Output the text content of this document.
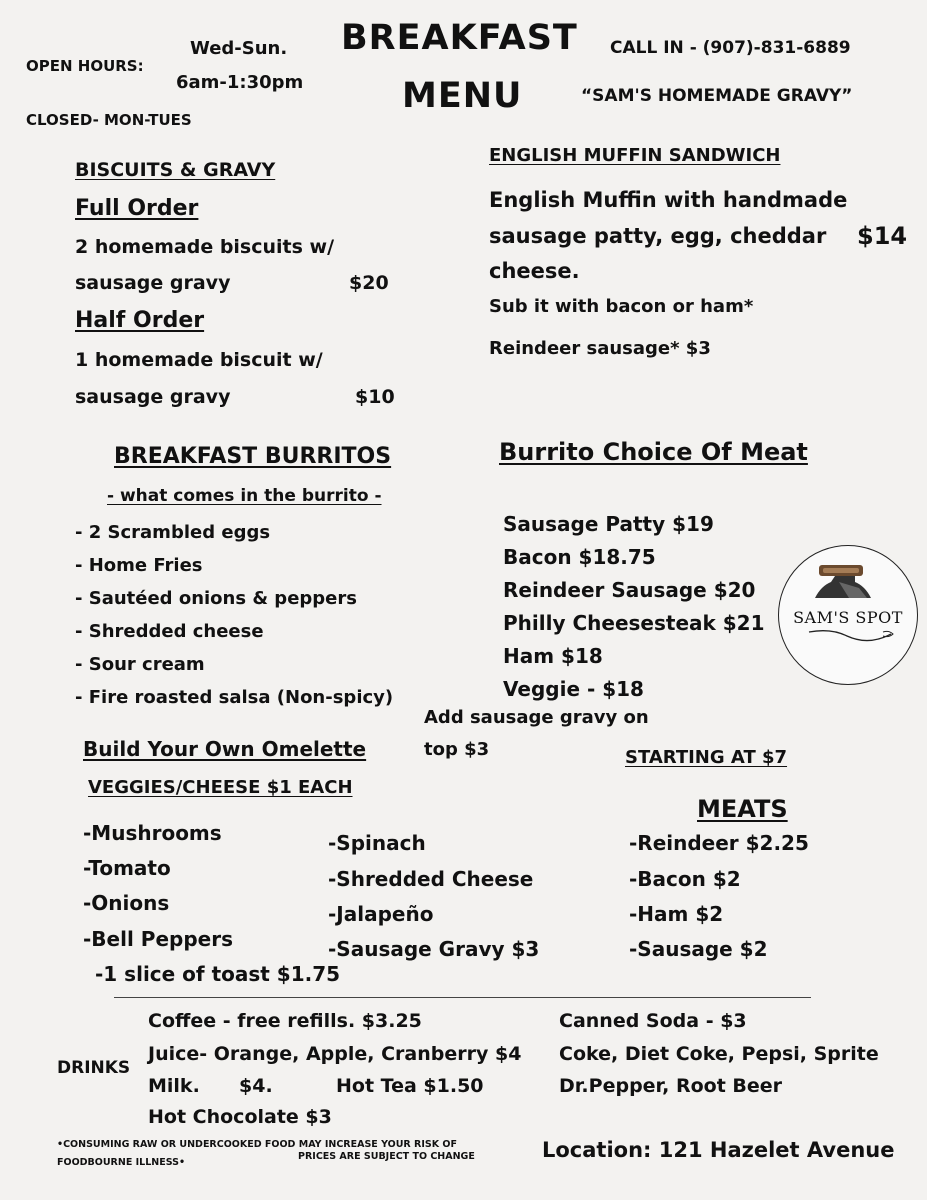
OPEN HOURS:
Wed-Sun.
6am-1:30pm
CLOSED- MON-TUES
BREAKFAST
MENU
CALL IN - (907)-831-6889
“SAM'S HOMEMADE GRAVY”
BISCUITS & GRAVY
Full Order
2 homemade biscuits w/
sausage gravy	$20
Half Order
1 homemade biscuit w/
sausage gravy	$10
ENGLISH MUFFIN SANDWICH
English Muffin with handmade
sausage patty, egg, cheddar
cheese.
$14
Sub it with bacon or ham*
Reindeer sausage* $3
BREAKFAST BURRITOS
- what comes in the burrito -
- 2 Scrambled eggs
- Home Fries
- Sautéed onions & peppers
- Shredded cheese
- Sour cream
- Fire roasted salsa (Non-spicy)
Burrito Choice Of Meat
Sausage Patty $19
Bacon $18.75
Reindeer Sausage $20
Philly Cheesesteak $21
Ham $18
Veggie - $18
Add sausage gravy on
top $3
SAM'S SPOT
Build Your Own Omelette
VEGGIES/CHEESE $1 EACH
STARTING AT $7
-Mushrooms
-Tomato
-Onions
-Bell Peppers
-1 slice of toast $1.75
-Spinach
-Shredded Cheese
-Jalapeño
-Sausage Gravy $3
MEATS
-Reindeer $2.25
-Bacon $2
-Ham $2
-Sausage $2
DRINKS
Coffee - free refills. $3.25
Juice- Orange, Apple, Cranberry $4
Milk. $4.	Hot Tea $1.50
Hot Chocolate $3
Canned Soda - $3
Coke, Diet Coke, Pepsi, Sprite
Dr.Pepper, Root Beer
•CONSUMING RAW OR UNDERCOOKED FOOD MAY INCREASE YOUR RISK OF
FOODBOURNE ILLNESS•
PRICES ARE SUBJECT TO CHANGE	Location: 121 Hazelet Avenue
